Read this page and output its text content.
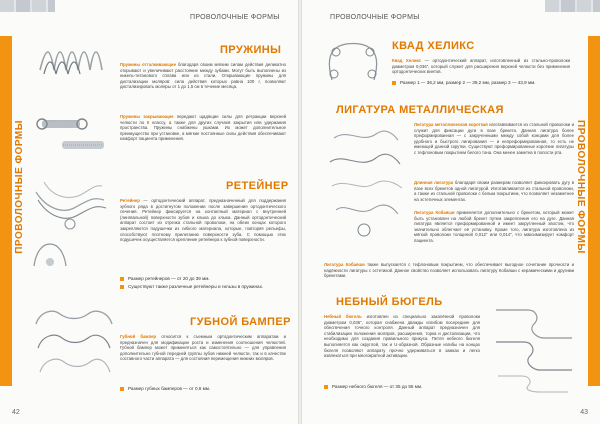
ПРОВОЛОЧНЫЕ ФОРМЫ
ПРОВОЛОЧНЫЕ ФОРМЫ
ПРУЖИНЫ
Пружины отталкивающие благодаря своим мягким силам действия деликатно открывают и увеличивают расстояние между зубами. Могут быть выполнены из никель-титанового сплава или из стали. Открывающие пружины для дистализации моляров: сила действия которых равна 100 г, позволяют дистализировать моляры от 1 до 1,5 см в течение месяца.
Пружины закрывающие передают щадящие силы для ретракции верхней челюсти по II классу, а также для других случаев закрытия или удержания пространства. Пружины снабжены ушками. Их может дополнительное преимущество при установке, а мягкие постоянные силы действия обеспечивают комфорт пациента применения.
РЕТЕЙНЕР
Ретейнер — ортодонтический аппарат, предназначенный для поддержания зубного ряда в достигнутом положении после завершения ортодонтического лечения. Ретейнер фиксируется на контактный материал с внутренней (лингвальной) поверхности зубов и клыка до клыка. Данный ортодонтический аппарат состоит из отрезка стальной проволоки, на обеих концах которого закрепляются подушечки из гибкого материала, которые, повторяя рельефы, способствуют плотному прилеганию поверхности зуба. С помощью этих подушечек осуществляется крепление ретейнера к зубной поверхности.
Размер ретейнеров — от 20 до 39 мм.
Существуют также различные ретейнеры и гильзы в пружинах.
ГУБНОЙ БАМПЕР
Губной бампер относится к съемным ортодонтическим аппаратам и предназначен для модификации роста и изменения соотношения челюстей. Губной бампер может применяться как самостоятельно — для управления дополнительно губной передней группы зубов нижней челюсти, так и в качестве составного части аппарата — для состояния перемещения нижних моляров.
Размер губных бамперов — от 0,6 мм.
42
ПРОВОЛОЧНЫЕ ФОРМЫ
ПРОВОЛОЧНЫЕ ФОРМЫ
КВАД ХЕЛИКС
Квад Хеликс — ортодонтический аппарат, изготовленный из стально-проволоки диаметром 0,036", который служит для расширения верхней челюсти без применения ортодонтических винтов.
Размер 1 — 36,2 мм, размер 2 — 39,2 мм, размер 3 — 43,9 мм.
ЛИГАТУРА МЕТАЛЛИЧЕСКАЯ
Лигатура металлическая короткая изготавливается из стальной проволоки и служит для фиксации дуги в пазе брекета. Данная лигатура более преформированная — с закрученными между собой концами для более удобного и быстрого лигирования — и непреформированная, то есть не имеющей данной скрутки. Существуют преформированные короткие лигатуры с тефлоновым покрытием белого тона. Она менее заметна в полости рта.
Длинная лигатура благодаря своим размерам позволяет фиксировать дугу в пазе всех брекетов одной лигатурой. Изготавливается из стальной проволоки, а также из стальной проволоки с белым покрытием, что позволяет незаметнее на эстетичных элементах.
Лигатура Кобаяши применяется дополнительно с брекетом, который может быть установлен на любой брекет путем закрепления его на дуге. Данная лигатура является преформированной и имеет закругленный хвостик, что значительно облегчает её установку. Кроме того, лигатура изготовлена из мягкой проволоки толщиной 0,012" или 0,014", что максимизирует комфорт пациента.
Лигатура Кобаяши также выпускается с тефлоновым покрытием, что обеспечивает выгодное сочетание прочности и надёжности лигатуры с эстетикой. Данное свойство позволяет использовать лигатуру Кобаяши с керамическими и другими брекетами.
НЕБНЫЙ БЮГЕЛЬ
Небный бюгель изготовлен из специально закалённой проволоки диаметром 0,036", которая снабжена дважды изгибом посередине для обеспечения точного контроля. Данный аппарат предназначен для стабилизации положения моляров, расширения, торка и дистализации, что необходимо для создания правильного прикуса. Петля небного бюгеля выполняется как округлой, так и U-образной. Образные изгибы на концах бюгеля позволяют аппарату прочно удерживаться в замках и легко извлекаться при многократной активации.
Размер небного бюгеля — от 35 до 55 мм.
43
